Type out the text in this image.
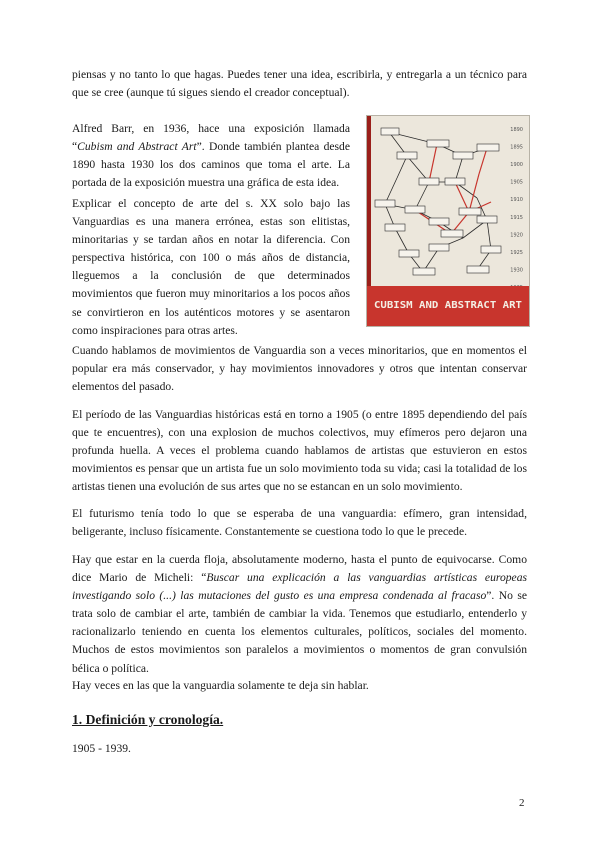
piensas y no tanto lo que hagas. Puedes tener una idea, escribirla, y entregarla a un técnico para que se cree (aunque tú sigues siendo el creador conceptual).

Alfred Barr, en 1936, hace una exposición llamada “Cubism and Abstract Art”. Donde también plantea desde 1890 hasta 1930 los dos caminos que toma el arte. La portada de la exposición muestra una gráfica de esta idea.

Explicar el concepto de arte del s. XX solo bajo las Vanguardias es una manera errónea, estas son elitistas, minoritarias y se tardan años en notar la diferencia. Con perspectiva histórica, con 100 o más años de distancia, lleguemos a la conclusión de que determinados movimientos que fueron muy minoritarios a los pocos años se convirtieron en los auténticos motores y se asentaron como inspiraciones para otras artes.

1890
1895
1900
1905
1910
1915
1920
1925
1930
CUBISM AND ABSTRACT ART

Cuando hablamos de movimientos de Vanguardia son a veces minoritarios, que en momentos el popular era más conservador, y hay movimientos innovadores y otros que intentan conservar elementos del pasado.

El período de las Vanguardias históricas está en torno a 1905 (o entre 1895 dependiendo del país que te encuentres), con una explosion de muchos colectivos, muy efímeros pero dejaron una profunda huella. A veces el problema cuando hablamos de artistas que estuvieron en estos movimientos es pensar que un artista fue un solo movimiento toda su vida; casi la totalidad de los artistas tienen una evolución de sus artes que no se estancan en un solo movimiento.

El futurismo tenía todo lo que se esperaba de una vanguardia: efímero, gran intensidad, beligerante, incluso físicamente. Constantemente se cuestiona todo lo que le precede.

Hay que estar en la cuerda floja, absolutamente moderno, hasta el punto de equivocarse. Como dice Mario de Micheli: “Buscar una explicación a las vanguardias artísticas europeas investigando solo (...) las mutaciones del gusto es una empresa condenada al fracaso”. No se trata solo de cambiar el arte, también de cambiar la vida. Tenemos que estudiarlo, entenderlo y racionalizarlo teniendo en cuenta los elementos culturales, políticos, sociales del momento. Muchos de estos movimientos son paralelos a movimientos o momentos de gran convulsión bélica o política.

Hay veces en las que la vanguardia solamente te deja sin hablar.

1. Definición y cronología.

1905 - 1939.

2
